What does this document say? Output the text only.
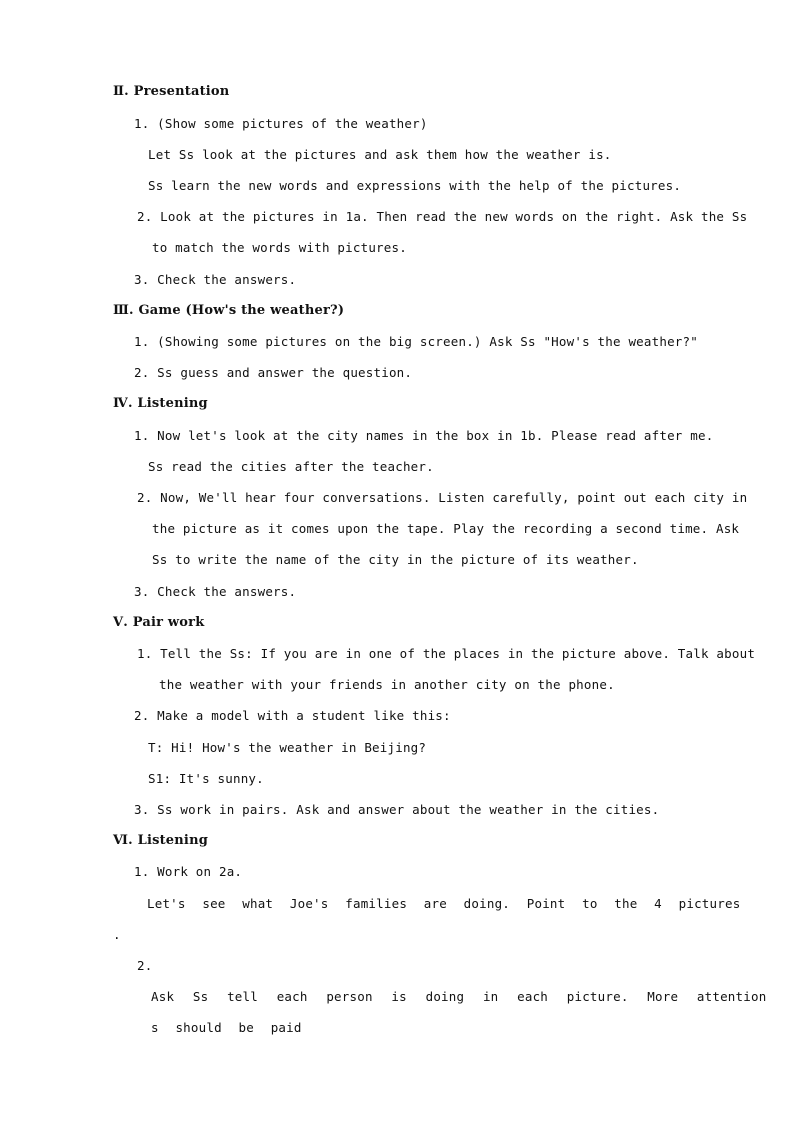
Ⅱ. Presentation
1. (Show some pictures of the weather)
Let Ss look at the pictures and ask them how the weather is.
Ss learn the new words and expressions with the help of the pictures.
2. Look at the pictures in 1a. Then read the new words on the right. Ask the Ss
to match the words with pictures.
3. Check the answers.
Ⅲ. Game (How's the weather?)
1. (Showing some pictures on the big screen.) Ask Ss "How's the weather?"
2. Ss guess and answer the question.
Ⅳ. Listening
1. Now let's look at the city names in the box in 1b. Please read after me.
Ss read the cities after the teacher.
2. Now, We'll hear four conversations. Listen carefully, point out each city in
the picture as it comes upon the tape. Play the recording a second time. Ask
Ss to write the name of the city in the picture of its weather.
3. Check the answers.
Ⅴ. Pair work
1. Tell the Ss: If you are in one of the places in the picture above. Talk about
the weather with your friends in another city on the phone.
2. Make a model with a student like this:
T: Hi! How's the weather in Beijing?
S1: It's sunny.
3. Ss work in pairs. Ask and answer about the weather in the cities.
Ⅵ. Listening
1. Work on 2a.
Let's see what Joe's families are doing. Point to the 4 pictures
.
2.
Ask Ss tell each person is doing in each picture. More attention
s should be paid
